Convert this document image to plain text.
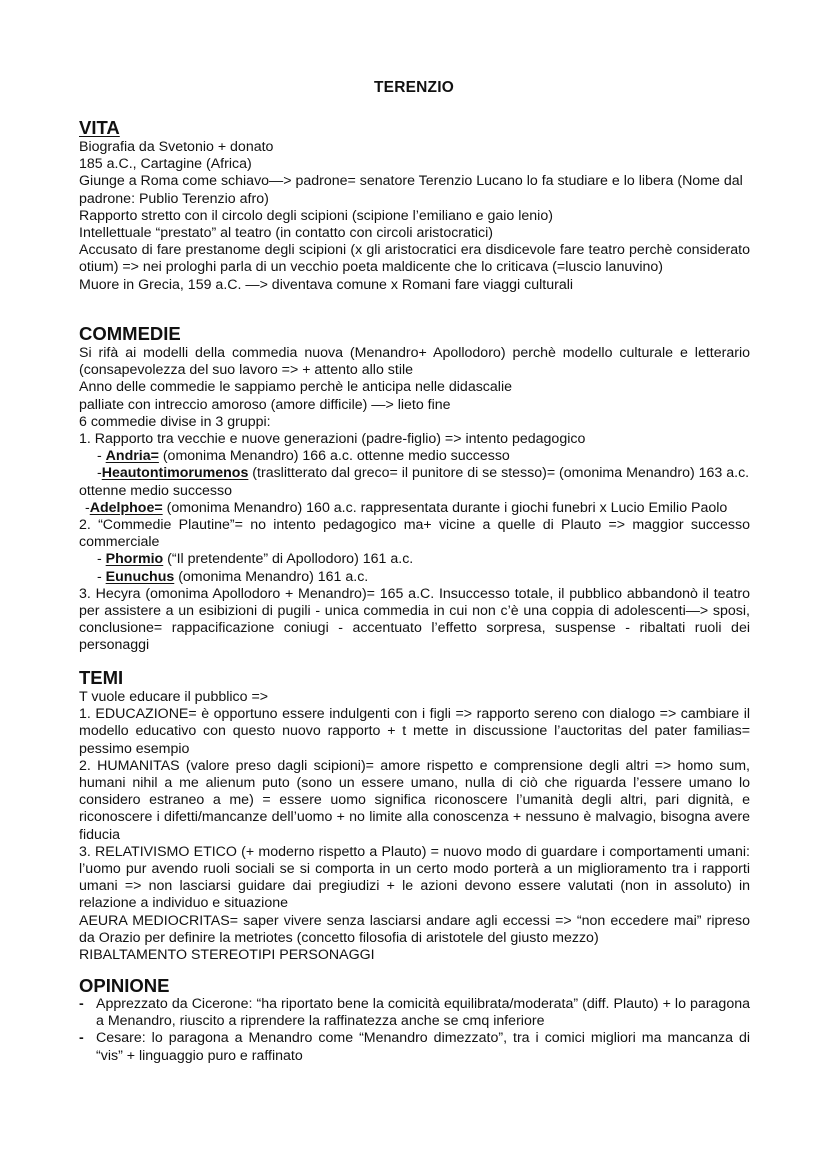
TERENZIO
VITA

Biografia da Svetonio + donato

185 a.C., Cartagine (Africa)

Giunge a Roma come schiavo—> padrone= senatore Terenzio Lucano lo fa studiare e lo libera (Nome dal padrone: Publio Terenzio afro)

Rapporto stretto con il circolo degli scipioni (scipione l’emiliano e gaio lenio)

Intellettuale “prestato” al teatro (in contatto con circoli aristocratici)

Accusato di fare prestanome degli scipioni (x gli aristocratici era disdicevole fare teatro perchè considerato otium) => nei prologhi parla di un vecchio poeta maldicente che lo criticava (=luscio lanuvino)

Muore in Grecia, 159 a.C. —> diventava comune x Romani fare viaggi culturali

COMMEDIE

Si rifà ai modelli della commedia nuova (Menandro+ Apollodoro) perchè modello culturale e letterario (consapevolezza del suo lavoro => + attento allo stile

Anno delle commedie le sappiamo perchè le anticipa nelle didascalie

palliate con intreccio amoroso (amore difficile) —> lieto fine

6 commedie divise in 3 gruppi:

1. Rapporto tra vecchie e nuove generazioni (padre-figlio) => intento pedagogico

- Andria= (omonima Menandro) 166 a.c. ottenne medio successo

-Heautontimorumenos (traslitterato dal greco= il punitore di se stesso)= (omonima Menandro) 163 a.c. ottenne medio successo

-Adelphoe= (omonima Menandro) 160 a.c. rappresentata durante i giochi funebri x Lucio Emilio Paolo

2. “Commedie Plautine”= no intento pedagogico ma+ vicine a quelle di Plauto => maggior successo commerciale

- Phormio (“Il pretendente” di Apollodoro) 161 a.c.

- Eunuchus (omonima Menandro) 161 a.c.

3. Hecyra (omonima Apollodoro + Menandro)= 165 a.C. Insuccesso totale, il pubblico abbandonò il teatro per assistere a un esibizioni di pugili - unica commedia in cui non c’è una coppia di adolescenti—> sposi, conclusione= rappacificazione coniugi - accentuato l’effetto sorpresa, suspense - ribaltati ruoli dei personaggi

TEMI

T vuole educare il pubblico =>

1. EDUCAZIONE= è opportuno essere indulgenti con i figli => rapporto sereno con dialogo => cambiare il modello educativo con questo nuovo rapporto + t mette in discussione l’auctoritas del pater familias= pessimo esempio

2. HUMANITAS (valore preso dagli scipioni)= amore rispetto e comprensione degli altri => homo sum, humani nihil a me alienum puto (sono un essere umano, nulla di ciò che riguarda l’essere umano lo considero estraneo a me) = essere uomo significa riconoscere l’umanità degli altri, pari dignità, e riconoscere i difetti/mancanze dell’uomo + no limite alla conoscenza + nessuno è malvagio, bisogna avere fiducia

3. RELATIVISMO ETICO (+ moderno rispetto a Plauto) = nuovo modo di guardare i comportamenti umani: l’uomo pur avendo ruoli sociali se si comporta in un certo modo porterà a un miglioramento tra i rapporti umani => non lasciarsi guidare dai pregiudizi + le azioni devono essere valutati (non in assoluto) in relazione a individuo e situazione

AEURA MEDIOCRITAS= saper vivere senza lasciarsi andare agli eccessi => “non eccedere mai” ripreso da Orazio per definire la metriotes (concetto filosofia di aristotele del giusto mezzo)

RIBALTAMENTO STEREOTIPI PERSONAGGI

OPINIONE

- Apprezzato da Cicerone: “ha riportato bene la comicità equilibrata/moderata” (diff. Plauto) + lo paragona a Menandro, riuscito a riprendere la raffinatezza anche se cmq inferiore

- Cesare: lo paragona a Menandro come “Menandro dimezzato”, tra i comici migliori ma mancanza di “vis” + linguaggio puro e raffinato
